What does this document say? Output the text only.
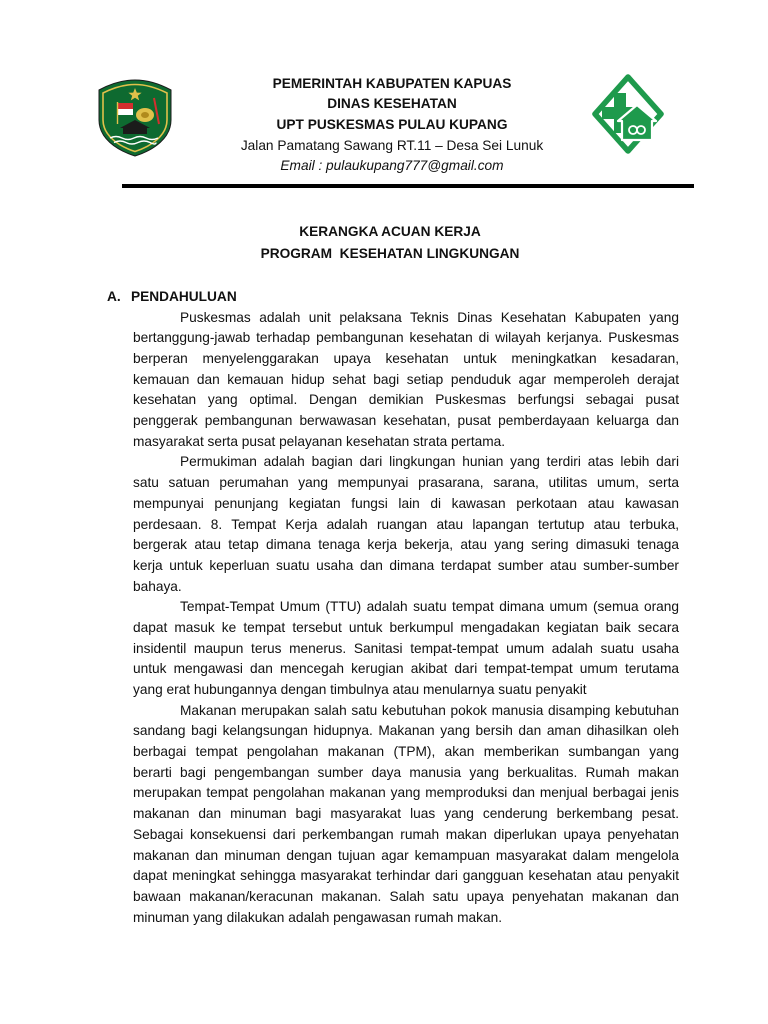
PEMERINTAH KABUPATEN KAPUAS
DINAS KESEHATAN
UPT PUSKESMAS PULAU KUPANG
Jalan Pamatang Sawang RT.11 – Desa Sei Lunuk
Email : pulaukupang777@gmail.com
KERANGKA ACUAN KERJA
PROGRAM  KESEHATAN LINGKUNGAN
A. PENDAHULUAN
Puskesmas adalah unit pelaksana Teknis Dinas Kesehatan Kabupaten yang
bertanggung-jawab terhadap pembangunan kesehatan di wilayah kerjanya. Puskesmas
berperan menyelenggarakan upaya kesehatan untuk meningkatkan kesadaran,
kemauan dan kemauan hidup sehat bagi setiap penduduk agar memperoleh derajat
kesehatan yang optimal. Dengan demikian Puskesmas berfungsi sebagai pusat
penggerak pembangunan berwawasan kesehatan, pusat pemberdayaan keluarga dan
masyarakat serta pusat pelayanan kesehatan strata pertama.
Permukiman adalah bagian dari lingkungan hunian yang terdiri atas lebih dari
satu satuan perumahan yang mempunyai prasarana, sarana, utilitas umum, serta
mempunyai penunjang kegiatan fungsi lain di kawasan perkotaan atau kawasan
perdesaan. 8. Tempat Kerja adalah ruangan atau lapangan tertutup atau terbuka,
bergerak atau tetap dimana tenaga kerja bekerja, atau yang sering dimasuki tenaga
kerja untuk keperluan suatu usaha dan dimana terdapat sumber atau sumber-sumber
bahaya.
Tempat-Tempat Umum (TTU) adalah suatu tempat dimana umum (semua orang
dapat masuk ke tempat tersebut untuk berkumpul mengadakan kegiatan baik secara
insidentil maupun terus menerus. Sanitasi tempat-tempat umum adalah suatu usaha
untuk mengawasi dan mencegah kerugian akibat dari tempat-tempat umum terutama
yang erat hubungannya dengan timbulnya atau menularnya suatu penyakit
Makanan merupakan salah satu kebutuhan pokok manusia disamping kebutuhan
sandang bagi kelangsungan hidupnya. Makanan yang bersih dan aman dihasilkan oleh
berbagai tempat pengolahan makanan (TPM), akan memberikan sumbangan yang
berarti bagi pengembangan sumber daya manusia yang berkualitas. Rumah makan
merupakan tempat pengolahan makanan yang memproduksi dan menjual berbagai jenis
makanan dan minuman bagi masyarakat luas yang cenderung berkembang pesat.
Sebagai konsekuensi dari perkembangan rumah makan diperlukan upaya penyehatan
makanan dan minuman dengan tujuan agar kemampuan masyarakat dalam mengelola
dapat meningkat sehingga masyarakat terhindar dari gangguan kesehatan atau penyakit
bawaan makanan/keracunan makanan. Salah satu upaya penyehatan makanan dan
minuman yang dilakukan adalah pengawasan rumah makan.
